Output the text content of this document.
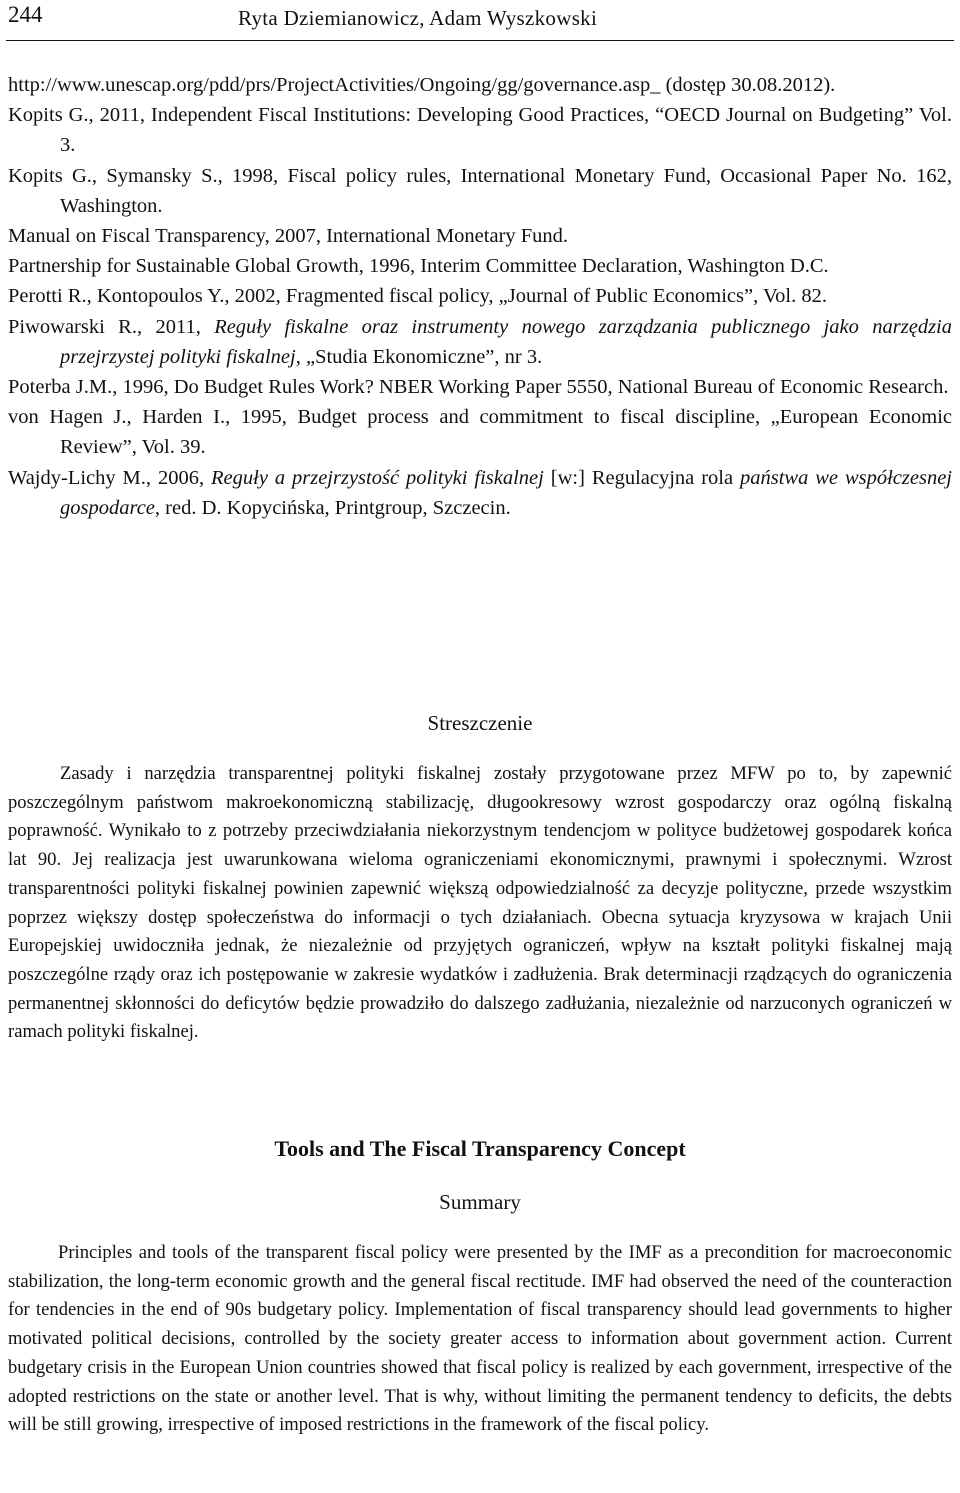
244	Ryta Dziemianowicz, Adam Wyszkowski
http://www.unescap.org/pdd/prs/ProjectActivities/Ongoing/gg/governance.asp_ (dostęp 30.08.2012).
Kopits G., 2011, Independent Fiscal Institutions: Developing Good Practices, “OECD Journal on Budgeting” Vol. 3.
Kopits G., Symansky S., 1998, Fiscal policy rules, International Monetary Fund, Occasional Paper No. 162, Washington.
Manual on Fiscal Transparency, 2007, International Monetary Fund.
Partnership for Sustainable Global Growth, 1996, Interim Committee Declaration, Washington D.C.
Perotti R., Kontopoulos Y., 2002, Fragmented fiscal policy, „Journal of Public Economics”, Vol. 82.
Piwowarski R., 2011, Reguły fiskalne oraz instrumenty nowego zarządzania publicznego jako narzędzia przejrzystej polityki fiskalnej, „Studia Ekonomiczne”, nr 3.
Poterba J.M., 1996, Do Budget Rules Work? NBER Working Paper 5550, National Bureau of Economic Research.
von Hagen J., Harden I., 1995, Budget process and commitment to fiscal discipline, „European Economic Review”, Vol. 39.
Wajdy-Lichy M., 2006, Reguły a przejrzystość polityki fiskalnej [w:] Regulacyjna rola państwa we współczesnej gospodarce, red. D. Kopycińska, Printgroup, Szczecin.
Streszczenie
Zasady i narzędzia transparentnej polityki fiskalnej zostały przygotowane przez MFW po to, by zapewnić poszczególnym państwom makroekonomiczną stabilizację, długookresowy wzrost gospodarczy oraz ogólną fiskalną poprawność. Wynikało to z potrzeby przeciwdziałania niekorzystnym tendencjom w polityce budżetowej gospodarek końca lat 90. Jej realizacja jest uwarunkowana wieloma ograniczeniami ekonomicznymi, prawnymi i społecznymi. Wzrost transparentności polityki fiskalnej powinien zapewnić większą odpowiedzialność za decyzje polityczne, przede wszystkim poprzez większy dostęp społeczeństwa do informacji o tych działaniach. Obecna sytuacja kryzysowa w krajach Unii Europejskiej uwidoczniła jednak, że niezależnie od przyjętych ograniczeń, wpływ na kształt polityki fiskalnej mają poszczególne rządy oraz ich postępowanie w zakresie wydatków i zadłużenia. Brak determinacji rządzących do ograniczenia permanentnej skłonności do deficytów będzie prowadziło do dalszego zadłużania, niezależnie od narzuconych ograniczeń w ramach polityki fiskalnej.
Tools and The Fiscal Transparency Concept
Summary
Principles and tools of the transparent fiscal policy were presented by the IMF as a precondition for macroeconomic stabilization, the long-term economic growth and the general fiscal rectitude. IMF had observed the need of the counteraction for tendencies in the end of 90s budgetary policy. Implementation of fiscal transparency should lead governments to higher motivated political decisions, controlled by the society greater access to information about government action. Current budgetary crisis in the European Union countries showed that fiscal policy is realized by each government, irrespective of the adopted restrictions on the state or another level. That is why, without limiting the permanent tendency to deficits, the debts will be still growing, irrespective of imposed restrictions in the framework of the fiscal policy.
